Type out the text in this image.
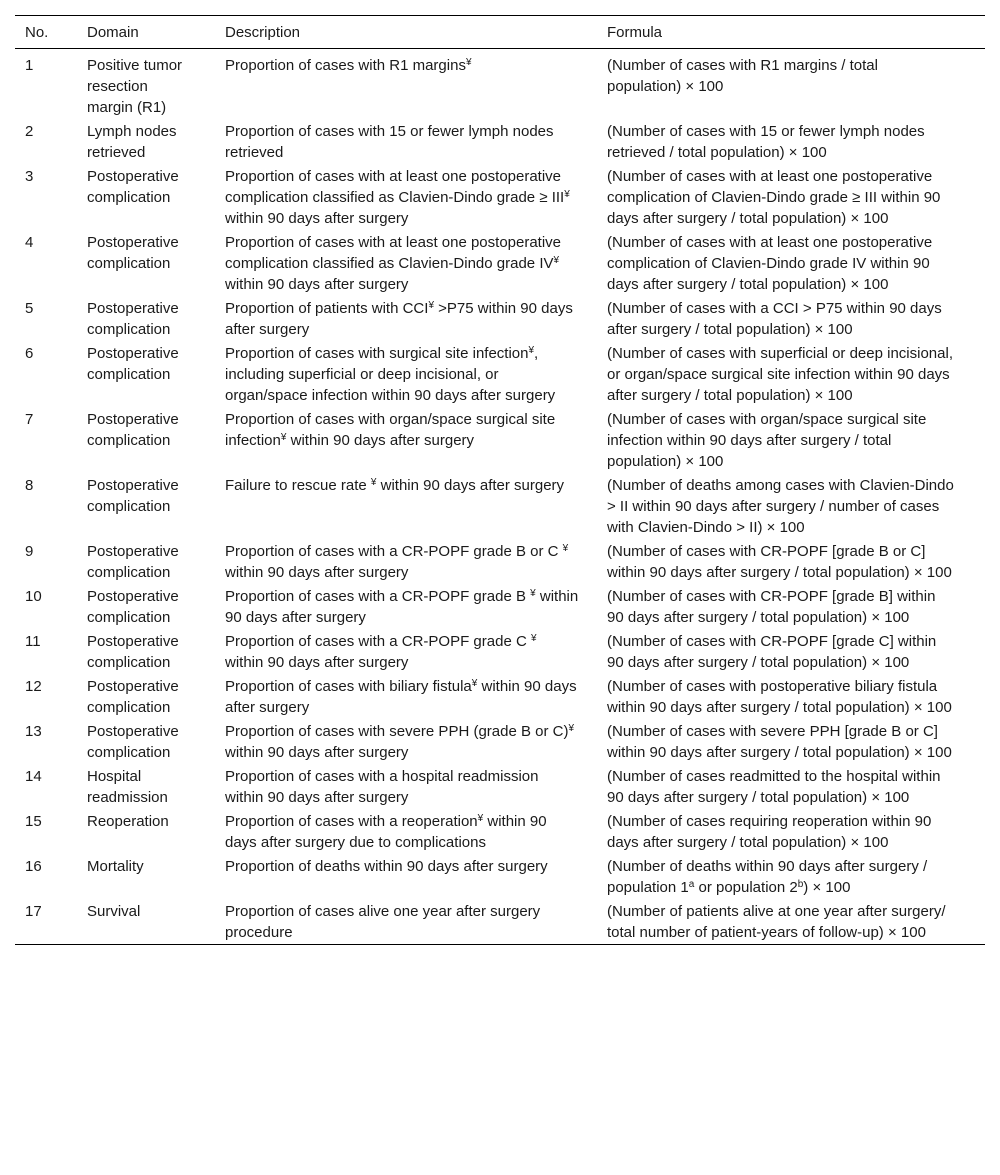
No.	Domain	Description	Formula
1	Positive tumor resection margin (R1)	Proportion of cases with R1 margins¥	(Number of cases with R1 margins / total population) × 100
2	Lymph nodes retrieved	Proportion of cases with 15 or fewer lymph nodes retrieved	(Number of cases with 15 or fewer lymph nodes retrieved / total population) × 100
3	Postoperative complication	Proportion of cases with at least one postoperative complication classified as Clavien-Dindo grade ≥ III¥ within 90 days after surgery	(Number of cases with at least one postoperative complication of Clavien-Dindo grade ≥ III within 90 days after surgery / total population) × 100
4	Postoperative complication	Proportion of cases with at least one postoperative complication classified as Clavien-Dindo grade IV¥ within 90 days after surgery	(Number of cases with at least one postoperative complication of Clavien-Dindo grade IV within 90 days after surgery / total population) × 100
5	Postoperative complication	Proportion of patients with CCI¥ >P75 within 90 days after surgery	(Number of cases with a CCI > P75 within 90 days after surgery / total population) × 100
6	Postoperative complication	Proportion of cases with surgical site infection¥, including superficial or deep incisional, or organ/space infection within 90 days after surgery	(Number of cases with superficial or deep incisional, or organ/space surgical site infection within 90 days after surgery / total population) × 100
7	Postoperative complication	Proportion of cases with organ/space surgical site infection¥ within 90 days after surgery	(Number of cases with organ/space surgical site infection within 90 days after surgery / total population) × 100
8	Postoperative complication	Failure to rescue rate ¥ within 90 days after surgery	(Number of deaths among cases with Clavien-Dindo > II within 90 days after surgery / number of cases with Clavien-Dindo > II) × 100
9	Postoperative complication	Proportion of cases with a CR-POPF grade B or C ¥ within 90 days after surgery	(Number of cases with CR-POPF [grade B or C] within 90 days after surgery / total population) × 100
10	Postoperative complication	Proportion of cases with a CR-POPF grade B ¥ within 90 days after surgery	(Number of cases with CR-POPF [grade B] within 90 days after surgery / total population) × 100
11	Postoperative complication	Proportion of cases with a CR-POPF grade C ¥ within 90 days after surgery	(Number of cases with CR-POPF [grade C] within 90 days after surgery / total population) × 100
12	Postoperative complication	Proportion of cases with biliary fistula¥ within 90 days after surgery	(Number of cases with postoperative biliary fistula within 90 days after surgery / total population) × 100
13	Postoperative complication	Proportion of cases with severe PPH (grade B or C)¥ within 90 days after surgery	(Number of cases with severe PPH [grade B or C] within 90 days after surgery / total population) × 100
14	Hospital readmission	Proportion of cases with a hospital readmission within 90 days after surgery	(Number of cases readmitted to the hospital within 90 days after surgery / total population) × 100
15	Reoperation	Proportion of cases with a reoperation¥ within 90 days after surgery due to complications	(Number of cases requiring reoperation within 90 days after surgery / total population) × 100
16	Mortality	Proportion of deaths within 90 days after surgery	(Number of deaths within 90 days after surgery / population 1$^a$ or population $2^b) \times 100$
17	Survival	Proportion of cases alive one year after surgery procedure	(Number of patients alive at one year after surgery/ total number of patient-years of follow-up) × 100
